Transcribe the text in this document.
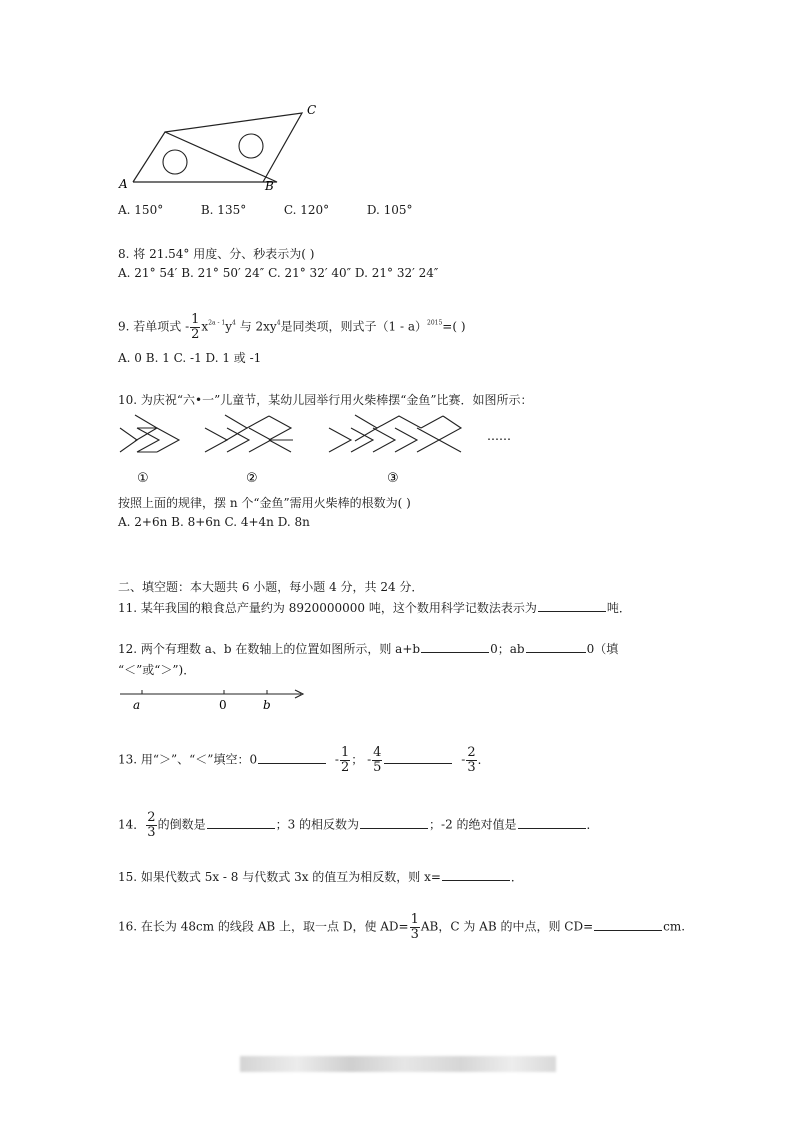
A	B
C
A. 150°	B. 135°	C. 120°	D. 105°
8. 将 21.54° 用度、分、秒表示为( )
A. 21° 54′ B. 21° 50′ 24″ C. 21° 32′ 40″ D. 21° 32′ 24″
9. 若单项式 - $\frac{1}{2} x^{2a - 1}y^4$ 与 $2xy^4$是同类项，则式子（1 - a）$^{2015}$=( )
A. 0 B. 1 C. -1 D. 1 或 -1
10. 为庆祝“六•一”儿童节，某幼儿园举行用火柴棒摆“金鱼”比赛．如图所示：
……
①	②	③
按照上面的规律，摆 n 个“金鱼”需用火柴棒的根数为( )
A. 2+6n B. 8+6n C. 4+4n D. 8n
二、填空题：本大题共 6 小题，每小题 4 分，共 24 分．
11. 某年我国的粮食总产量约为 8920000000 吨，这个数用科学记数法表示为	吨．
12. 两个有理数 a、b 在数轴上的位置如图所示，则 a+b	0；ab	0（填
“＜”或“＞”)．
a	0	b
13. 用“＞”、“＜”填空：0	- $\frac{1}{2}$ ； - $\frac{4}{5}$	- $\frac{2}{3}$ ．
14． $\frac{2}{3}$ 的倒数是	；3 的相反数为	；-2 的绝对值是	．
15. 如果代数式 5x - 8 与代数式 3x 的值互为相反数，则 x=	．
16. 在长为 48cm 的线段 AB 上，取一点 D，使 $AD= \frac{1}{3}$ AB，C 为 AB 的中点，则 CD=	cm.
